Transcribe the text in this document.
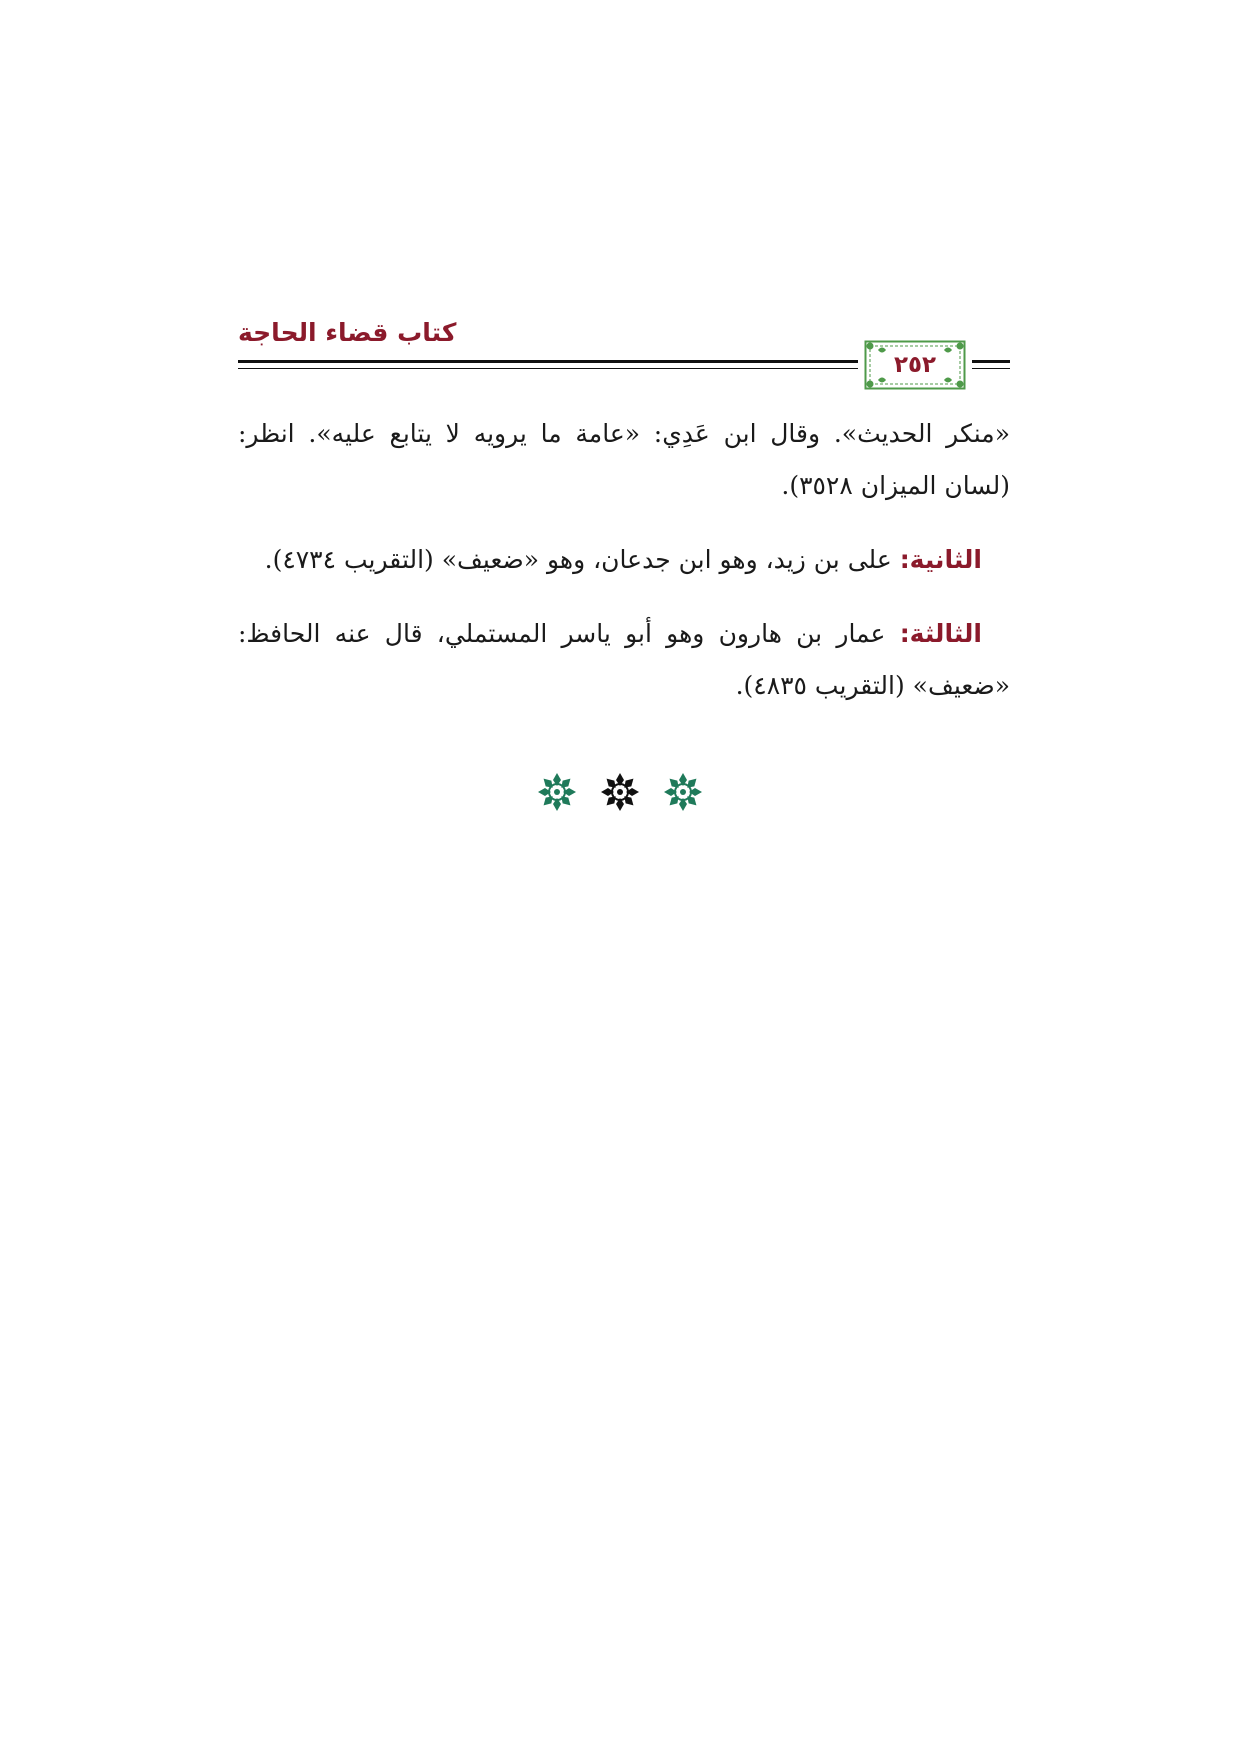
كتاب قضاء الحاجة
٢٥٢

«منكر الحديث». وقال ابن عَدِي: «عامة ما يرويه لا يتابع عليه». انظر: (لسان الميزان ٣٥٢٨).

الثانية: على بن زيد، وهو ابن جدعان، وهو «ضعيف» (التقريب ٤٧٣٤).

الثالثة: عمار بن هارون وهو أبو ياسر المستملي، قال عنه الحافظ: «ضعيف» (التقريب ٤٨٣٥).
